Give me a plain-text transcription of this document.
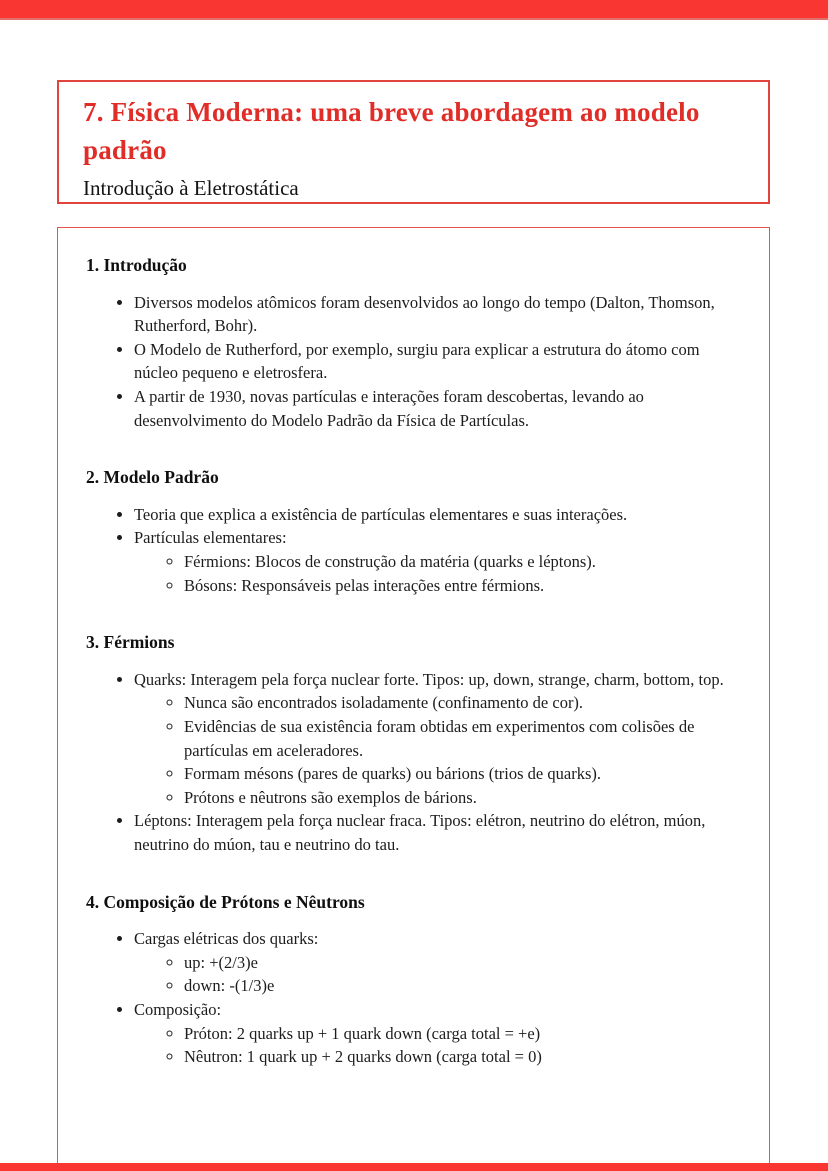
7. Física Moderna: uma breve abordagem ao modelo padrão

Introdução à Eletrostática

1. Introdução
• Diversos modelos atômicos foram desenvolvidos ao longo do tempo (Dalton, Thomson, Rutherford, Bohr).
• O Modelo de Rutherford, por exemplo, surgiu para explicar a estrutura do átomo com núcleo pequeno e eletrosfera.
• A partir de 1930, novas partículas e interações foram descobertas, levando ao desenvolvimento do Modelo Padrão da Física de Partículas.
2. Modelo Padrão
• Teoria que explica a existência de partículas elementares e suas interações.
• Partículas elementares:
◦ Férmions: Blocos de construção da matéria (quarks e léptons).
◦ Bósons: Responsáveis pelas interações entre férmions.
3. Férmions
• Quarks: Interagem pela força nuclear forte. Tipos: up, down, strange, charm, bottom, top.
◦ Nunca são encontrados isoladamente (confinamento de cor).
◦ Evidências de sua existência foram obtidas em experimentos com colisões de partículas em aceleradores.
◦ Formam mésons (pares de quarks) ou bárions (trios de quarks).
◦ Prótons e nêutrons são exemplos de bárions.
• Léptons: Interagem pela força nuclear fraca. Tipos: elétron, neutrino do elétron, múon, neutrino do múon, tau e neutrino do tau.
4. Composição de Prótons e Nêutrons
• Cargas elétricas dos quarks:
◦ up: +(2/3)e
◦ down: -(1/3)e
• Composição:
◦ Próton: 2 quarks up + 1 quark down (carga total = +e)
◦ Nêutron: 1 quark up + 2 quarks down (carga total = 0)
